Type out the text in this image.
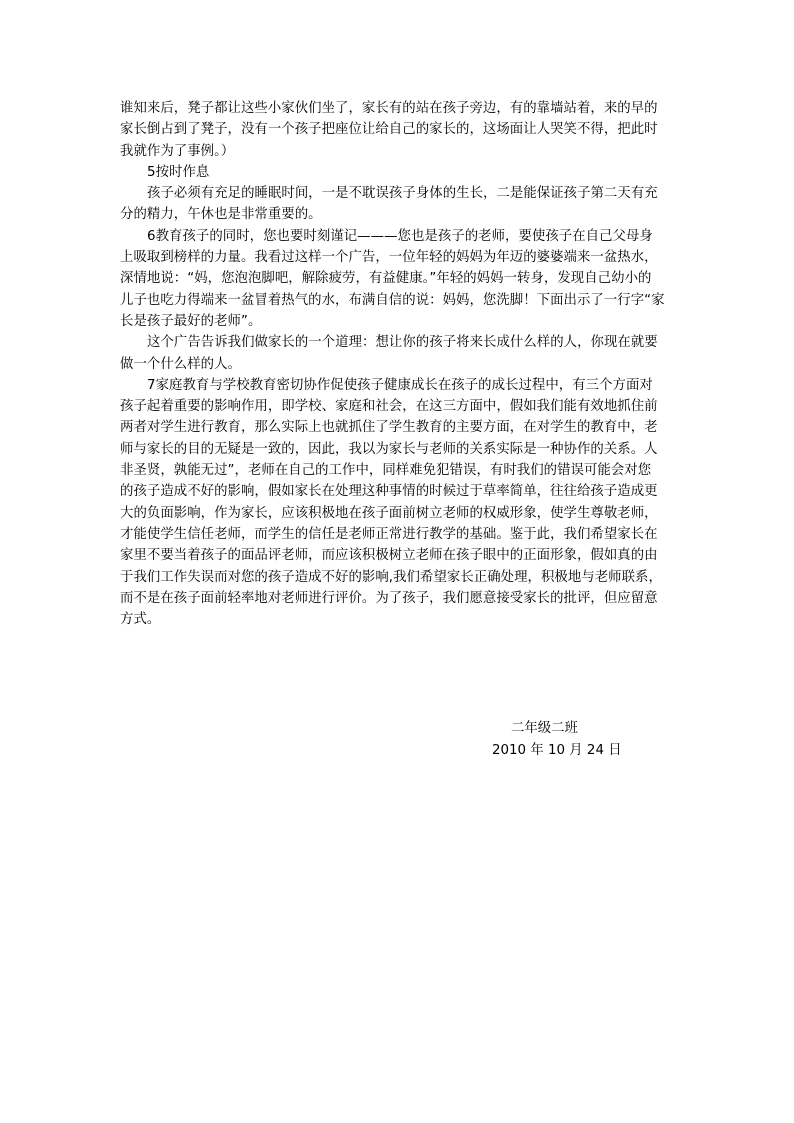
谁知来后，凳子都让这些小家伙们坐了，家长有的站在孩子旁边，有的靠墙站着，来的早的
家长倒占到了凳子，没有一个孩子把座位让给自己的家长的，这场面让人哭笑不得，把此时
我就作为了事例。）
5按时作息
孩子必须有充足的睡眠时间，一是不耽误孩子身体的生长，二是能保证孩子第二天有充
分的精力，午休也是非常重要的。
6教育孩子的同时，您也要时刻谨记———您也是孩子的老师，要使孩子在自己父母身
上吸取到榜样的力量。我看过这样一个广告，一位年轻的妈妈为年迈的婆婆端来一盆热水，
深情地说：“妈，您泡泡脚吧，解除疲劳，有益健康。”年轻的妈妈一转身，发现自己幼小的
儿子也吃力得端来一盆冒着热气的水，布满自信的说：妈妈，您洗脚！下面出示了一行字“家
长是孩子最好的老师”。
这个广告告诉我们做家长的一个道理：想让你的孩子将来长成什么样的人，你现在就要
做一个什么样的人。
7家庭教育与学校教育密切协作促使孩子健康成长在孩子的成长过程中，有三个方面对
孩子起着重要的影响作用，即学校、家庭和社会，在这三方面中，假如我们能有效地抓住前
两者对学生进行教育，那么实际上也就抓住了学生教育的主要方面，在对学生的教育中，老
师与家长的目的无疑是一致的，因此，我以为家长与老师的关系实际是一种协作的关系。人
非圣贤，孰能无过”，老师在自己的工作中，同样难免犯错误，有时我们的错误可能会对您
的孩子造成不好的影响，假如家长在处理这种事情的时候过于草率简单，往往给孩子造成更
大的负面影响，作为家长，应该积极地在孩子面前树立老师的权威形象，使学生尊敬老师，
才能使学生信任老师，而学生的信任是老师正常进行教学的基础。鉴于此，我们希望家长在
家里不要当着孩子的面品评老师，而应该积极树立老师在孩子眼中的正面形象，假如真的由
于我们工作失误而对您的孩子造成不好的影响,我们希望家长正确处理，积极地与老师联系，
而不是在孩子面前轻率地对老师进行评价。为了孩子，我们愿意接受家长的批评，但应留意
方式。
二年级二班
2010 年 10 月 24 日
